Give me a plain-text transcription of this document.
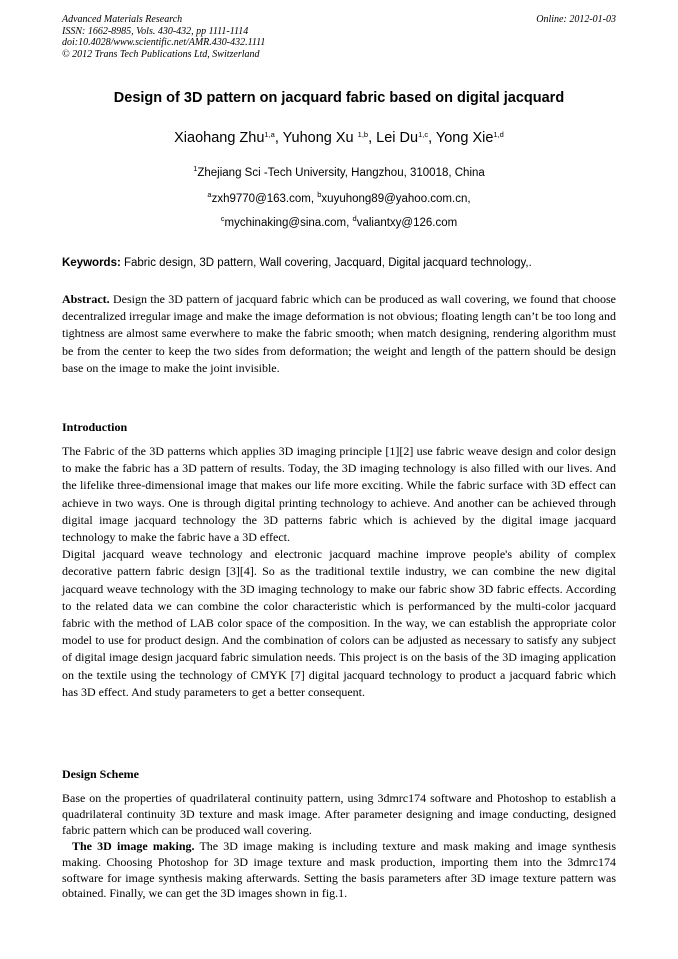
Advanced Materials Research
ISSN: 1662-8985, Vols. 430-432, pp 1111-1114
doi:10.4028/www.scientific.net/AMR.430-432.1111
© 2012 Trans Tech Publications Ltd, Switzerland
Online: 2012-01-03
Design of 3D pattern on jacquard fabric based on digital jacquard
Xiaohang Zhu$^{1,a}$, Yuhong Xu $^{1,b}$, Lei Du$^{1,c}$, Yong Xie$^{1,d}$
$^1$Zhejiang Sci -Tech University, Hangzhou, 310018, China
$^a$zxh9770@163.com, $^b$xuyuhong89@yahoo.com.cn,
$^c$mychinaking@sina.com, $^d$valiantxy@126.com
Keywords: Fabric design, 3D pattern, Wall covering, Jacquard, Digital jacquard technology,.
Abstract. Design the 3D pattern of jacquard fabric which can be produced as wall covering, we found that choose decentralized irregular image and make the image deformation is not obvious; floating length can’t be too long and tightness are almost same everwhere to make the fabric smooth; when match designing, rendering algorithm must be from the center to keep the two sides from deformation; the weight and length of the pattern should be design base on the image to make the joint invisible.
Introduction
The Fabric of the 3D patterns which applies 3D imaging principle [1][2] use fabric weave design and color design to make the fabric has a 3D pattern of results. Today, the 3D imaging technology is also filled with our lives. And the lifelike three-dimensional image that makes our life more exciting. While the fabric surface with 3D effect can achieve in two ways. One is through digital printing technology to achieve. And another can be achieved through digital image jacquard technology the 3D patterns fabric which is achieved by the digital image jacquard technology to make the fabric have a 3D effect.
Digital jacquard weave technology and electronic jacquard machine improve people's ability of complex decorative pattern fabric design [3][4]. So as the traditional textile industry, we can combine the new digital jacquard weave technology with the 3D imaging technology to make our fabric show 3D fabric effects. According to the related data we can combine the color characteristic which is performanced by the multi-color jacquard fabric with the method of LAB color space of the composition. In the way, we can establish the appropriate color model to use for product design. And the combination of colors can be adjusted as necessary to satisfy any subject of digital image design jacquard fabric simulation needs. This project is on the basis of the 3D imaging application on the textile using the technology of CMYK [7] digital jacquard technology to product a jacquard fabric which has 3D effect. And study parameters to get a better consequent.
Design Scheme
Base on the properties of quadrilateral continuity pattern, using 3dmrc174 software and Photoshop to establish a quadrilateral continuity 3D texture and mask image. After parameter designing and image conducting, designed fabric pattern which can be produced wall covering.
The 3D image making. The 3D image making is including texture and mask making and image synthesis making. Choosing Photoshop for 3D image texture and mask production, importing them into the 3dmrc174 software for image synthesis making afterwards. Setting the basis parameters after 3D image texture pattern was obtained. Finally, we can get the 3D images shown in fig.1.
